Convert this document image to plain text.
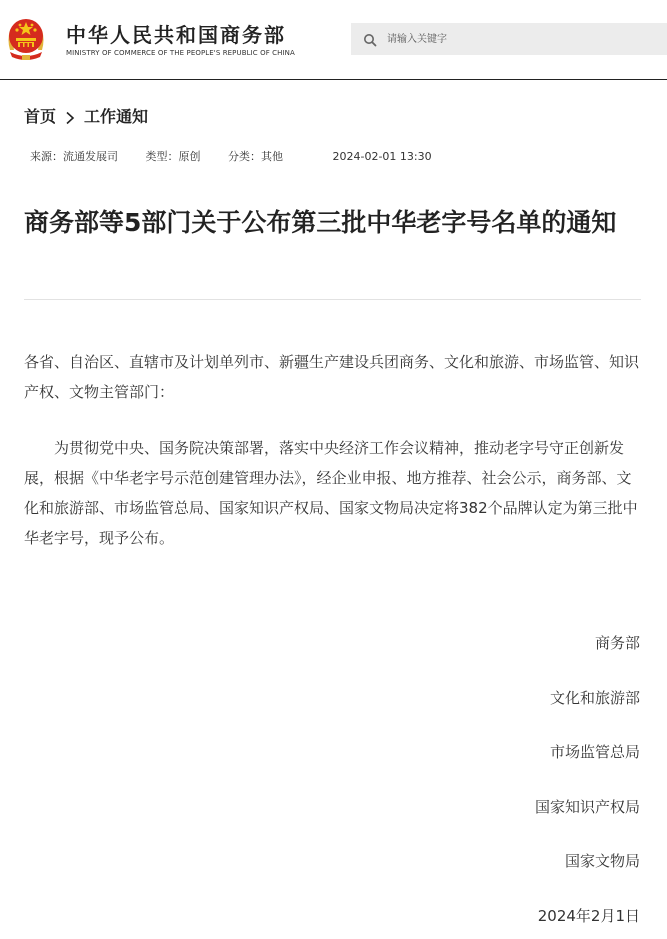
中华人民共和国商务部
MINISTRY OF COMMERCE OF THE PEOPLE'S REPUBLIC OF CHINA
请输入关键字
首页 工作通知
来源：流通发展司	类型：原创	分类：其他	2024-02-01 13:30
商务部等5部门关于公布第三批中华老字号名单的通知
各省、自治区、直辖市及计划单列市、新疆生产建设兵团商务、文化和旅游、市场监管、知识产权、文物主管部门：
为贯彻党中央、国务院决策部署，落实中央经济工作会议精神，推动老字号守正创新发展，根据《中华老字号示范创建管理办法》，经企业申报、地方推荐、社会公示，商务部、文化和旅游部、市场监管总局、国家知识产权局、国家文物局决定将382个品牌认定为第三批中华老字号，现予公布。
商务部
文化和旅游部
市场监管总局
国家知识产权局
国家文物局
2024年2月1日
